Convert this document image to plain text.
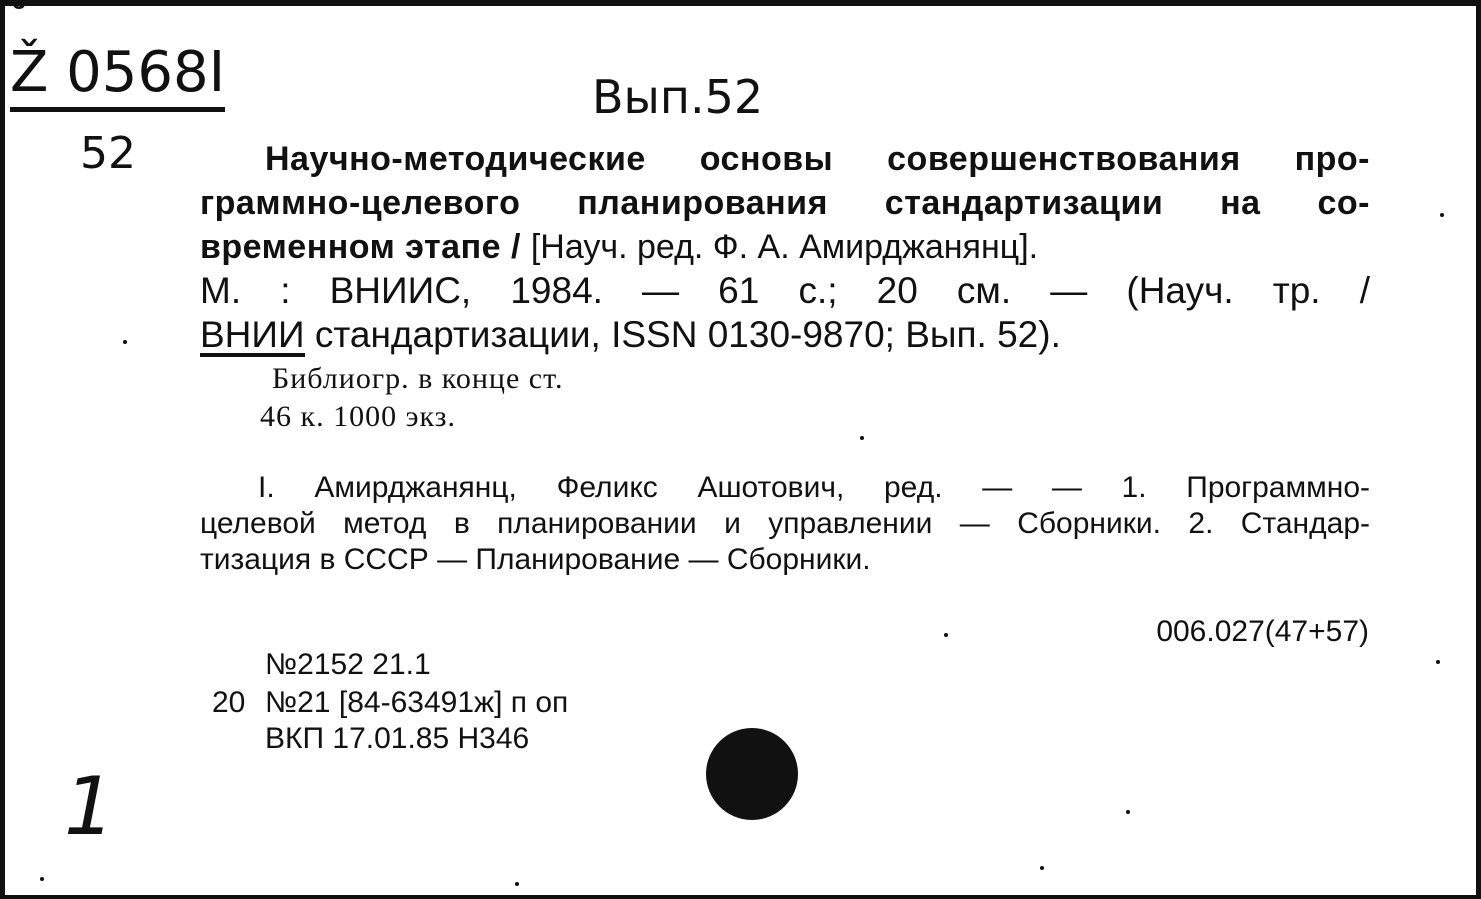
˘
Ž 0568I
52
Вып.52
Научно-методические основы совершенствования про-
граммно-целевого планирования стандартизации на со-
временном этапе / [Науч. ред. Ф. А. Амирджанянц].
М. : ВНИИС, 1984. — 61 с.; 20 см. — (Науч. тр. /
ВНИИ стандартизации, ISSN 0130-9870; Вып. 52).
Библиогр. в конце ст.
46 к. 1000 экз.
I. Амирджанянц, Феликс Ашотович, ред. — — 1. Программно-
целевой метод в планировании и управлении — Сборники. 2. Стандар-
тизация в СССР — Планирование — Сборники.
006.027(47+57)
№2152 21.1
20 №21 [84-63491ж] п оп
ВКП 17.01.85 Н346
1
